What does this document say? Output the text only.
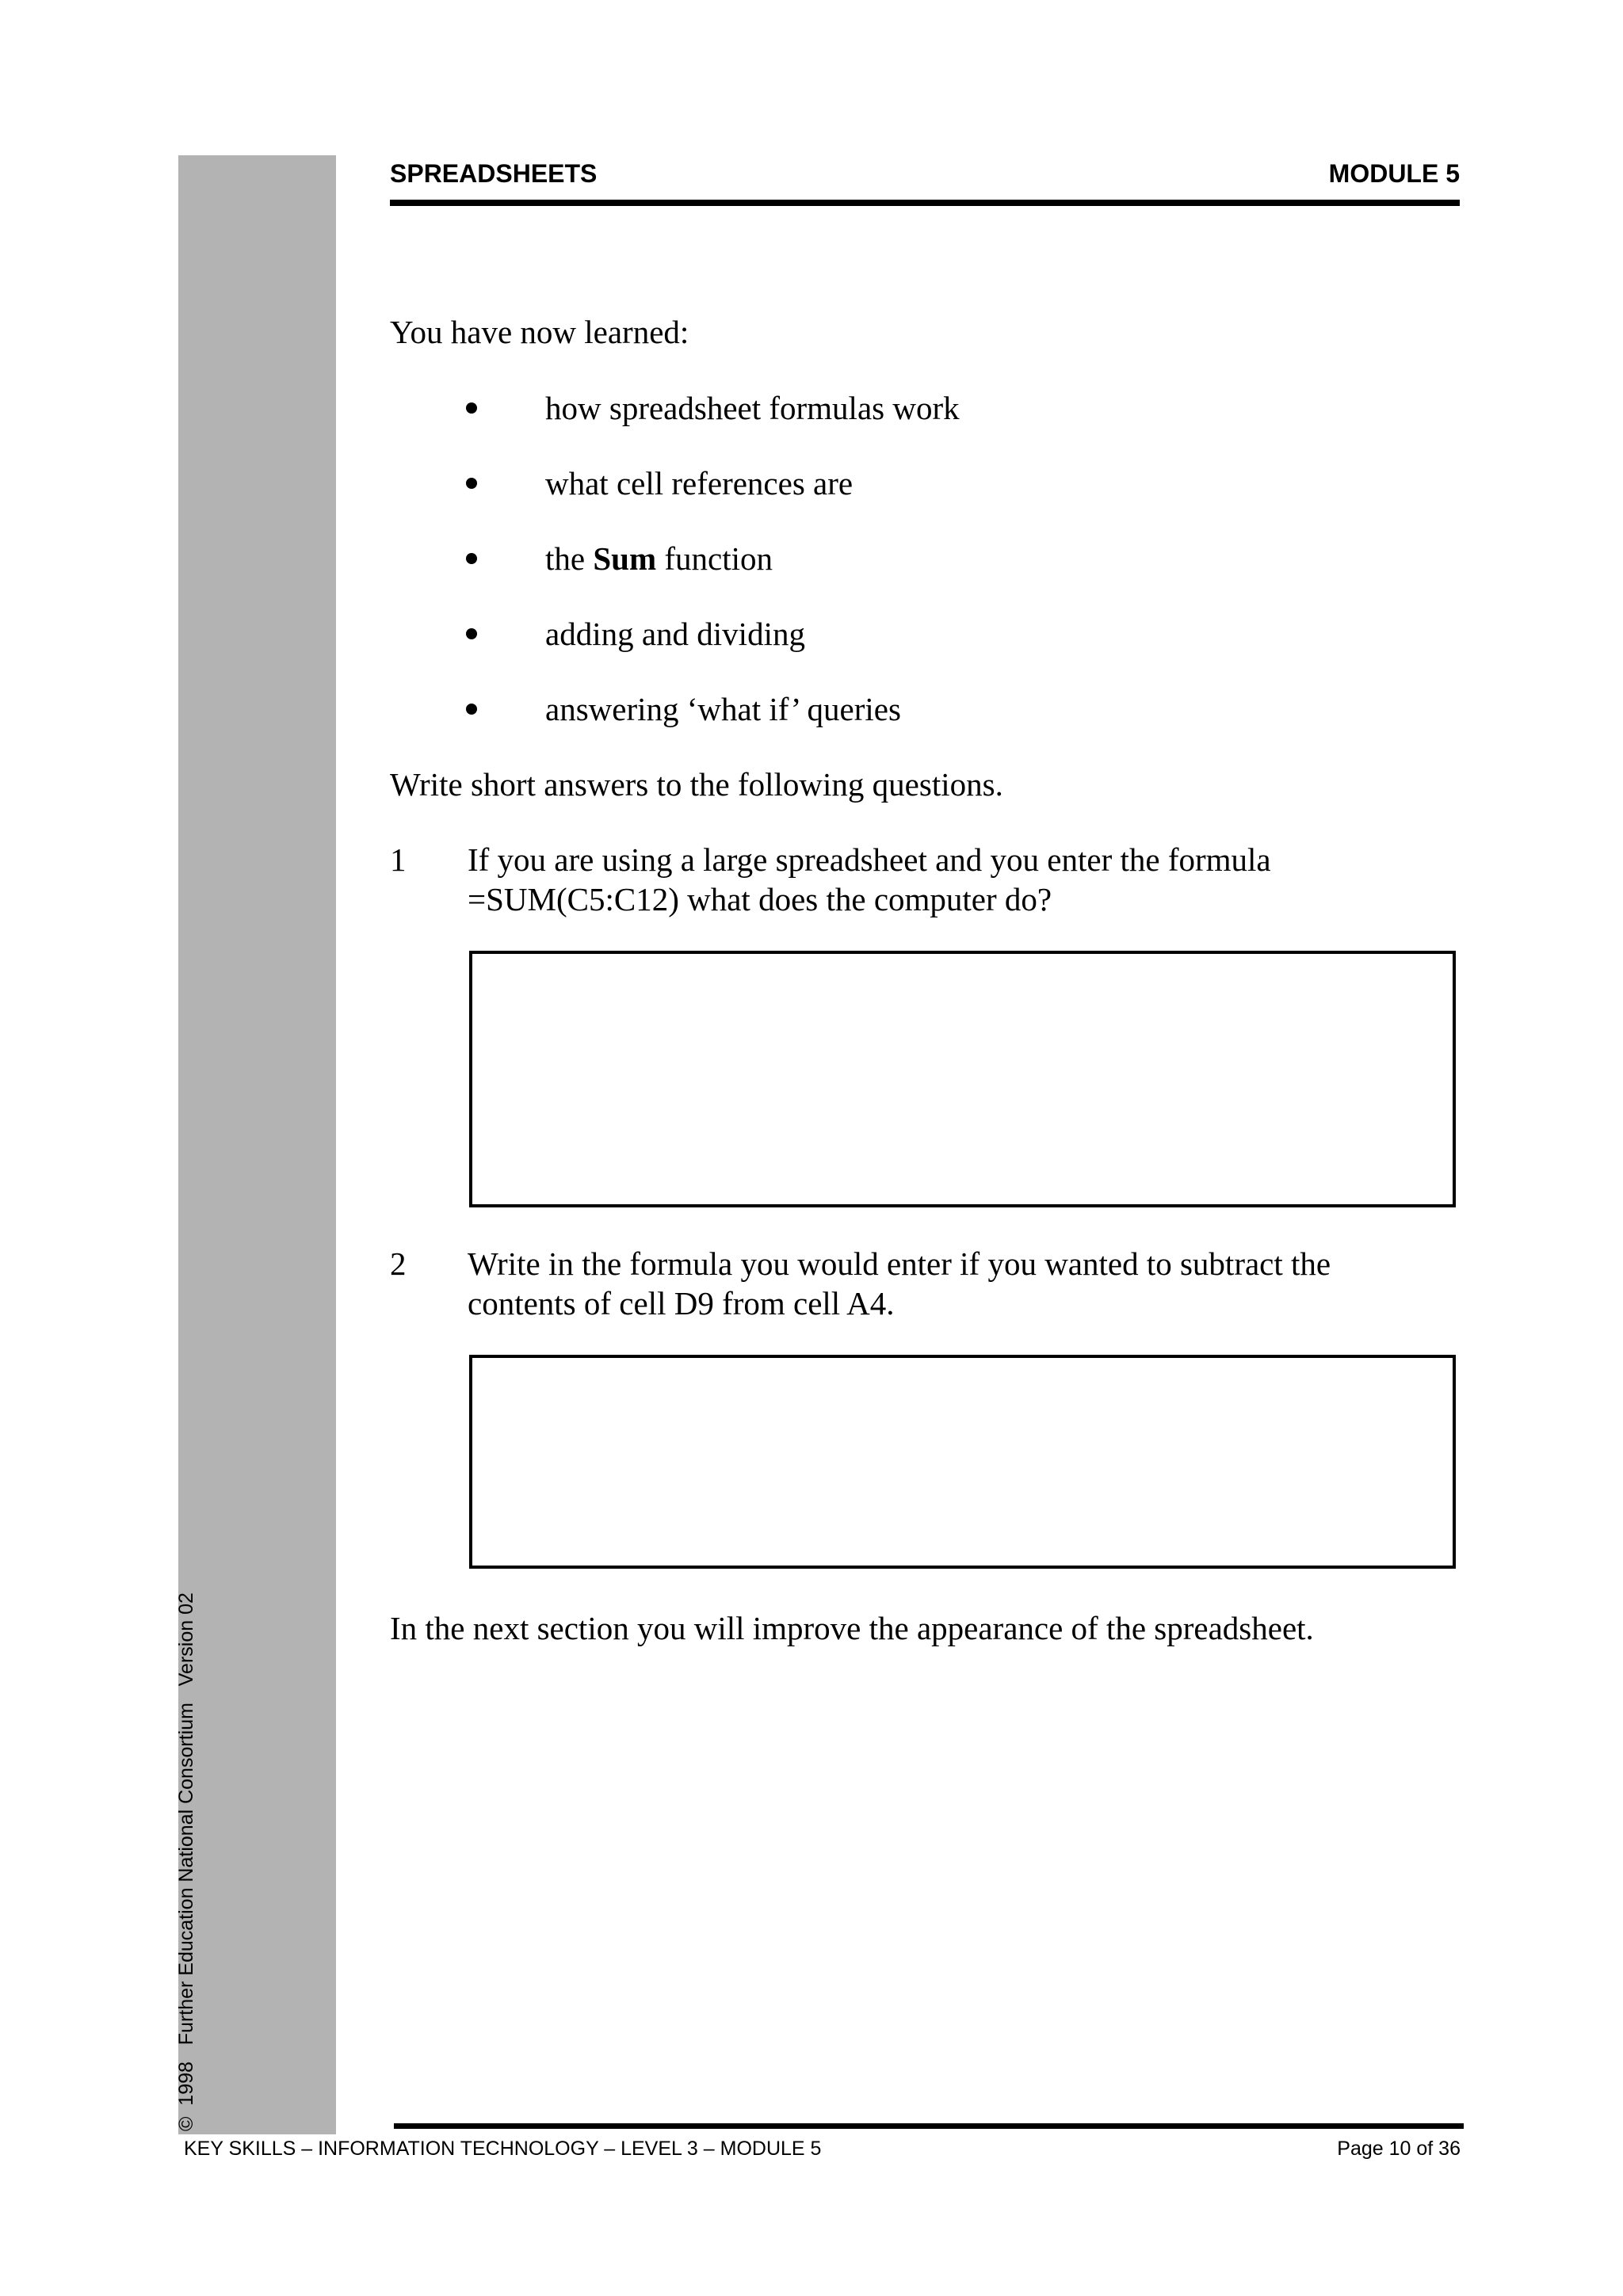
SPREADSHEETS	MODULE 5
You have now learned:
how spreadsheet formulas work
what cell references are
the Sum function
adding and dividing
answering ‘what if’ queries
Write short answers to the following questions.
1 If you are using a large spreadsheet and you enter the formula
=SUM(C5:C12) what does the computer do?
2 Write in the formula you would enter if you wanted to subtract the
contents of cell D9 from cell A4.
In the next section you will improve the appearance of the spreadsheet.
©  1998   Further Education National Consortium   Version 02
KEY SKILLS – INFORMATION TECHNOLOGY – LEVEL 3 – MODULE 5	Page 10 of 36
